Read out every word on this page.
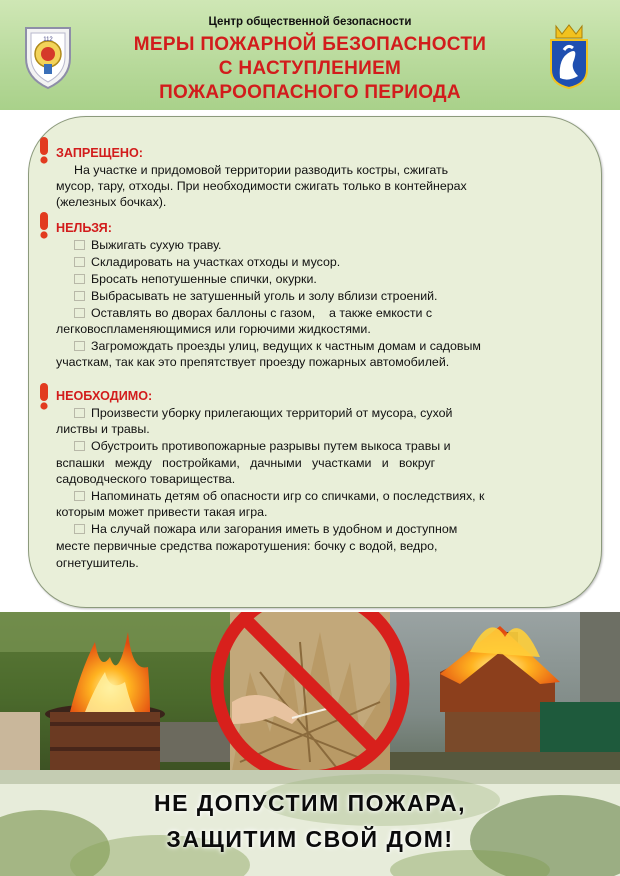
112
Центр общественной безопасности
МЕРЫ ПОЖАРНОЙ БЕЗОПАСНОСТИ
С НАСТУПЛЕНИЕМ
ПОЖАРООПАСНОГО ПЕРИОДА
ЗАПРЕЩЕНО:
На участке и придомовой территории разводить костры, сжигать
мусор, тару, отходы. При необходимости сжигать только в контейнерах
(железных бочках).
НЕЛЬЗЯ:
Выжигать сухую траву.
Складировать на участках отходы и мусор.
Бросать непотушенные спички, окурки.
Выбрасывать не затушенный уголь и золу вблизи строений.
Оставлять во дворах баллоны с газом,    а также емкости с
легковоспламеняющимися или горючими жидкостями.
Загромождать проезды улиц, ведущих к частным домам и садовым
участкам, так как это препятствует проезду пожарных автомобилей.
НЕОБХОДИМО:
Произвести уборку прилегающих территорий от мусора, сухой
листвы и травы.
Обустроить противопожарные разрывы путем выкоса травы и
вспашки   между   постройками,   дачными   участками   и   вокруг
садоводческого товарищества.
Напоминать детям об опасности игр со спичками, о последствиях, к
которым может привести такая игра.
На случай пожара или загорания иметь в удобном и доступном
месте первичные средства пожаротушения: бочку с водой, ведро,
огнетушитель.
НЕ ДОПУСТИМ ПОЖАРА,
ЗАЩИТИМ СВОЙ ДОМ!
